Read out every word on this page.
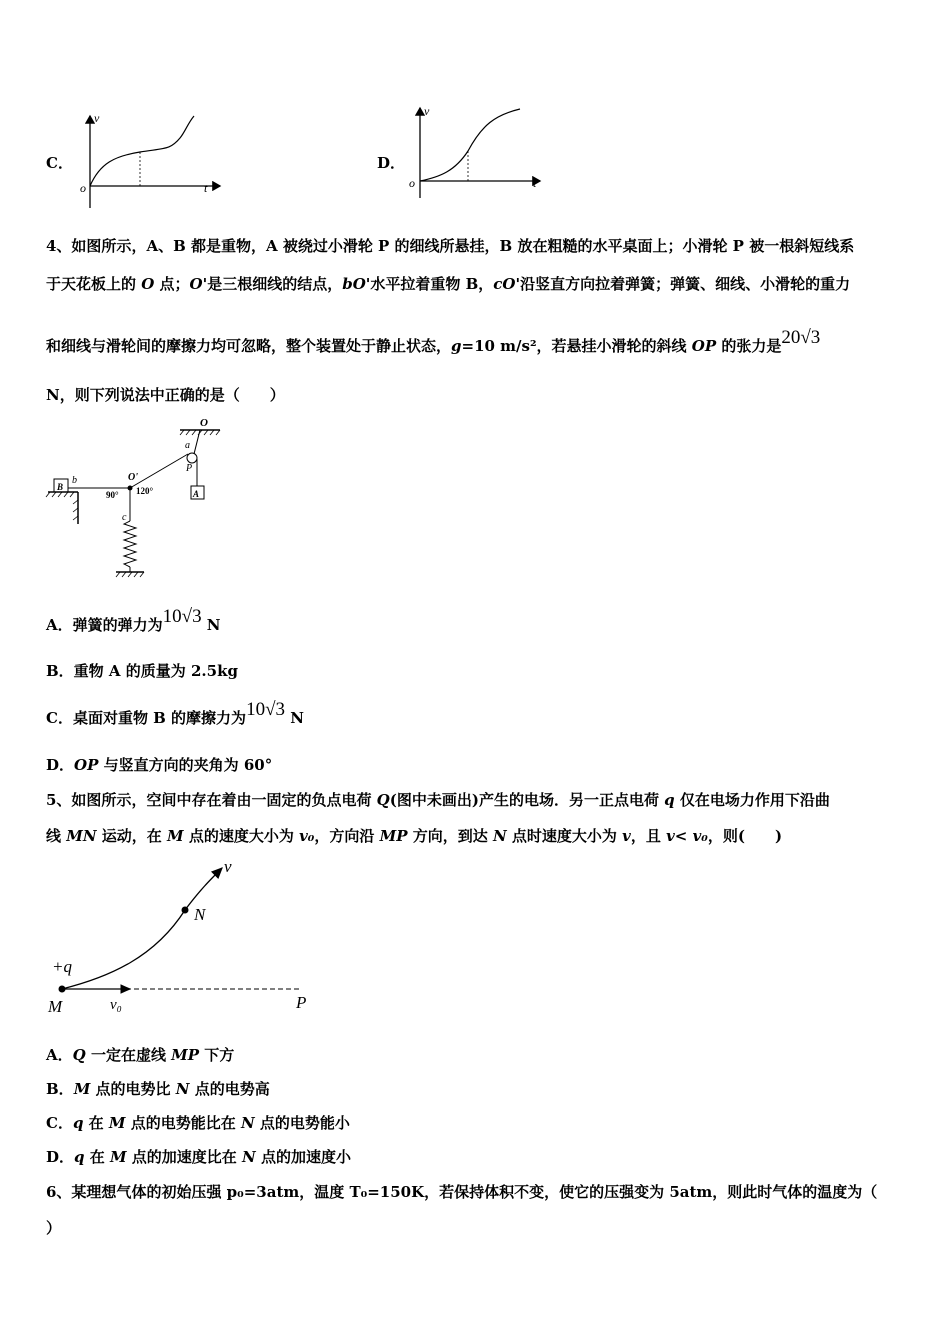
C．
v
o	t
D．
v
o	t
4、如图所示，A、B 都是重物，A 被绕过小滑轮 P 的细线所悬挂，B 放在粗糙的水平桌面上；小滑轮 P 被一根斜短线系
于天花板上的 O 点；O'是三根细线的结点，bO'水平拉着重物 B，cO'沿竖直方向拉着弹簧；弹簧、细线、小滑轮的重力
和细线与滑轮间的摩擦力均可忽略，整个装置处于静止状态，g=10 m/s²，若悬挂小滑轮的斜线 OP 的张力是20√3
N，则下列说法中正确的是（　　）
O
a
P
A
B
b	O'
90° 120°
c
A．弹簧的弹力为10√3 N
B．重物 A 的质量为 2.5kg
C．桌面对重物 B 的摩擦力为10√3 N
D．OP 与竖直方向的夹角为 60°
5、如图所示，空间中存在着由一固定的负点电荷 Q(图中未画出)产生的电场．另一正点电荷 q 仅在电场力作用下沿曲
线 MN 运动，在 M 点的速度大小为 v₀，方向沿 MP 方向，到达 N 点时速度大小为 v，且 v< v₀，则(　　)
v
N
+q
M	v₀	P
A．Q 一定在虚线 MP 下方
B．M 点的电势比 N 点的电势高
C．q 在 M 点的电势能比在 N 点的电势能小
D．q 在 M 点的加速度比在 N 点的加速度小
6、某理想气体的初始压强 p₀=3atm，温度 T₀=150K，若保持体积不变，使它的压强变为 5atm，则此时气体的温度为（
）
